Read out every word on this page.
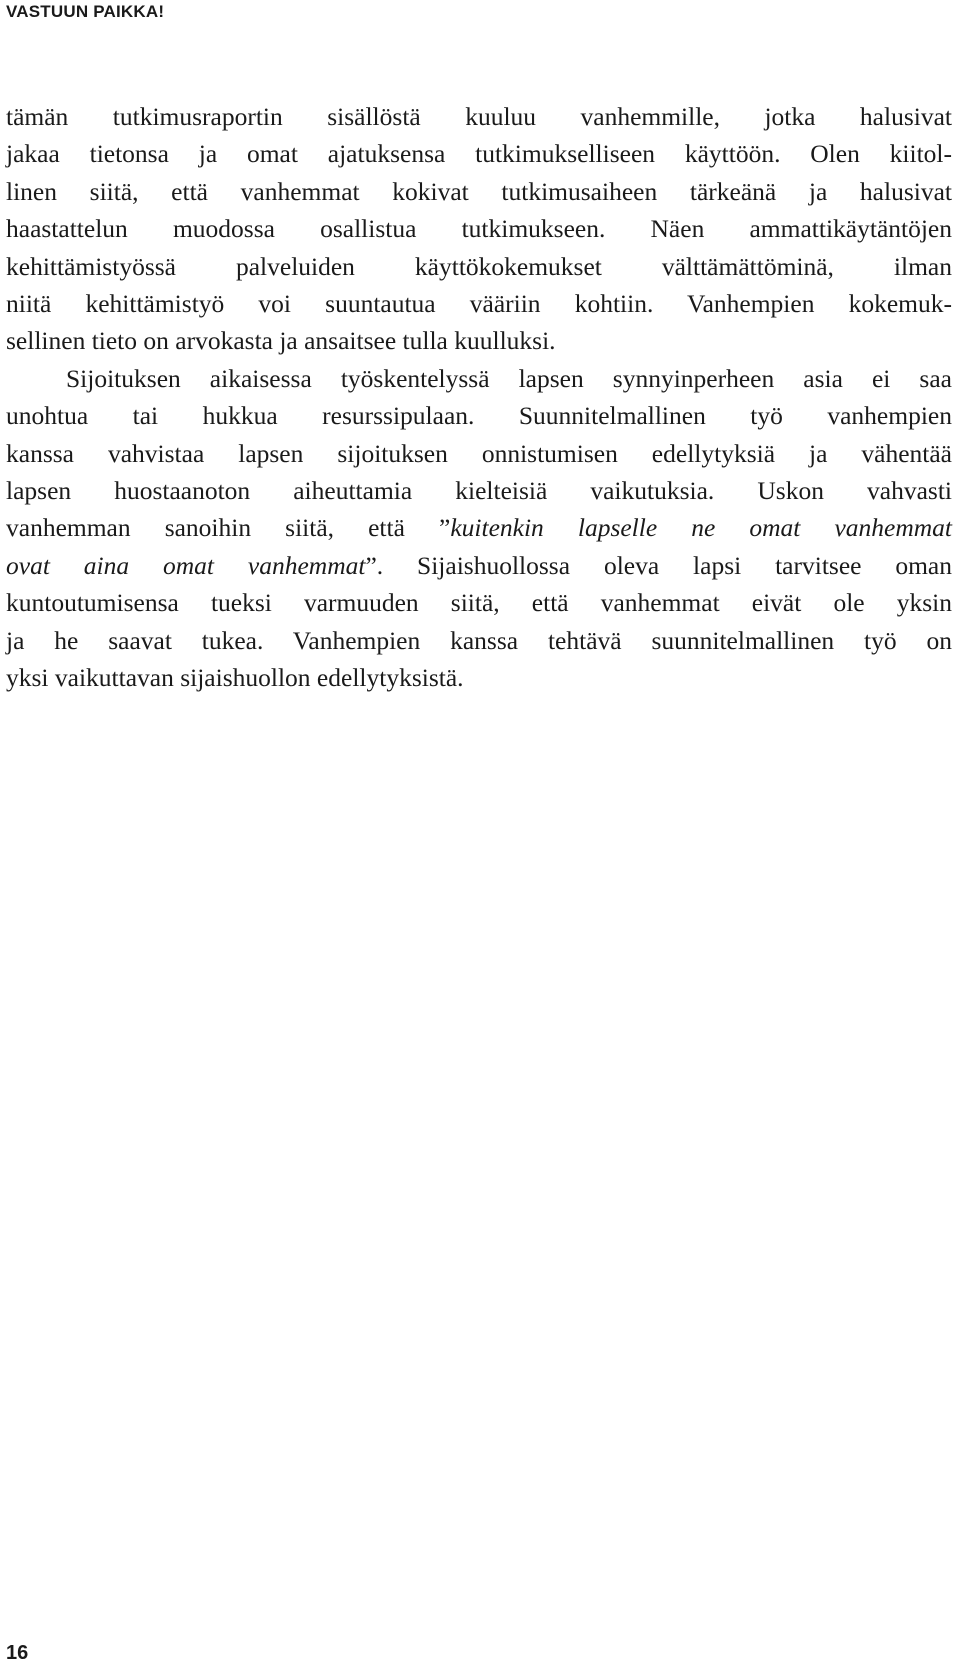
VASTUUN PAIKKA!

tämän tutkimusraportin sisällöstä kuuluu vanhemmille, jotka halusivat
jakaa tietonsa ja omat ajatuksensa tutkimukselliseen käyttöön. Olen kiitol-
linen siitä, että vanhemmat kokivat tutkimusaiheen tärkeänä ja halusivat
haastattelun muodossa osallistua tutkimukseen. Näen ammattikäytäntöjen
kehittämistyössä palveluiden käyttökokemukset välttämättöminä, ilman
niitä kehittämistyö voi suuntautua vääriin kohtiin. Vanhempien kokemuk-
sellinen tieto on arvokasta ja ansaitsee tulla kuulluksi.
Sijoituksen aikaisessa työskentelyssä lapsen synnyinperheen asia ei saa
unohtua tai hukkua resurssipulaan. Suunnitelmallinen työ vanhempien
kanssa vahvistaa lapsen sijoituksen onnistumisen edellytyksiä ja vähentää
lapsen huostaanoton aiheuttamia kielteisiä vaikutuksia. Uskon vahvasti
vanhemman sanoihin siitä, että ”kuitenkin lapselle ne omat vanhemmat
ovat aina omat vanhemmat”. Sijaishuollossa oleva lapsi tarvitsee oman
kuntoutumisensa tueksi varmuuden siitä, että vanhemmat eivät ole yksin
ja he saavat tukea. Vanhempien kanssa tehtävä suunnitelmallinen työ on
yksi vaikuttavan sijaishuollon edellytyksistä.

16
